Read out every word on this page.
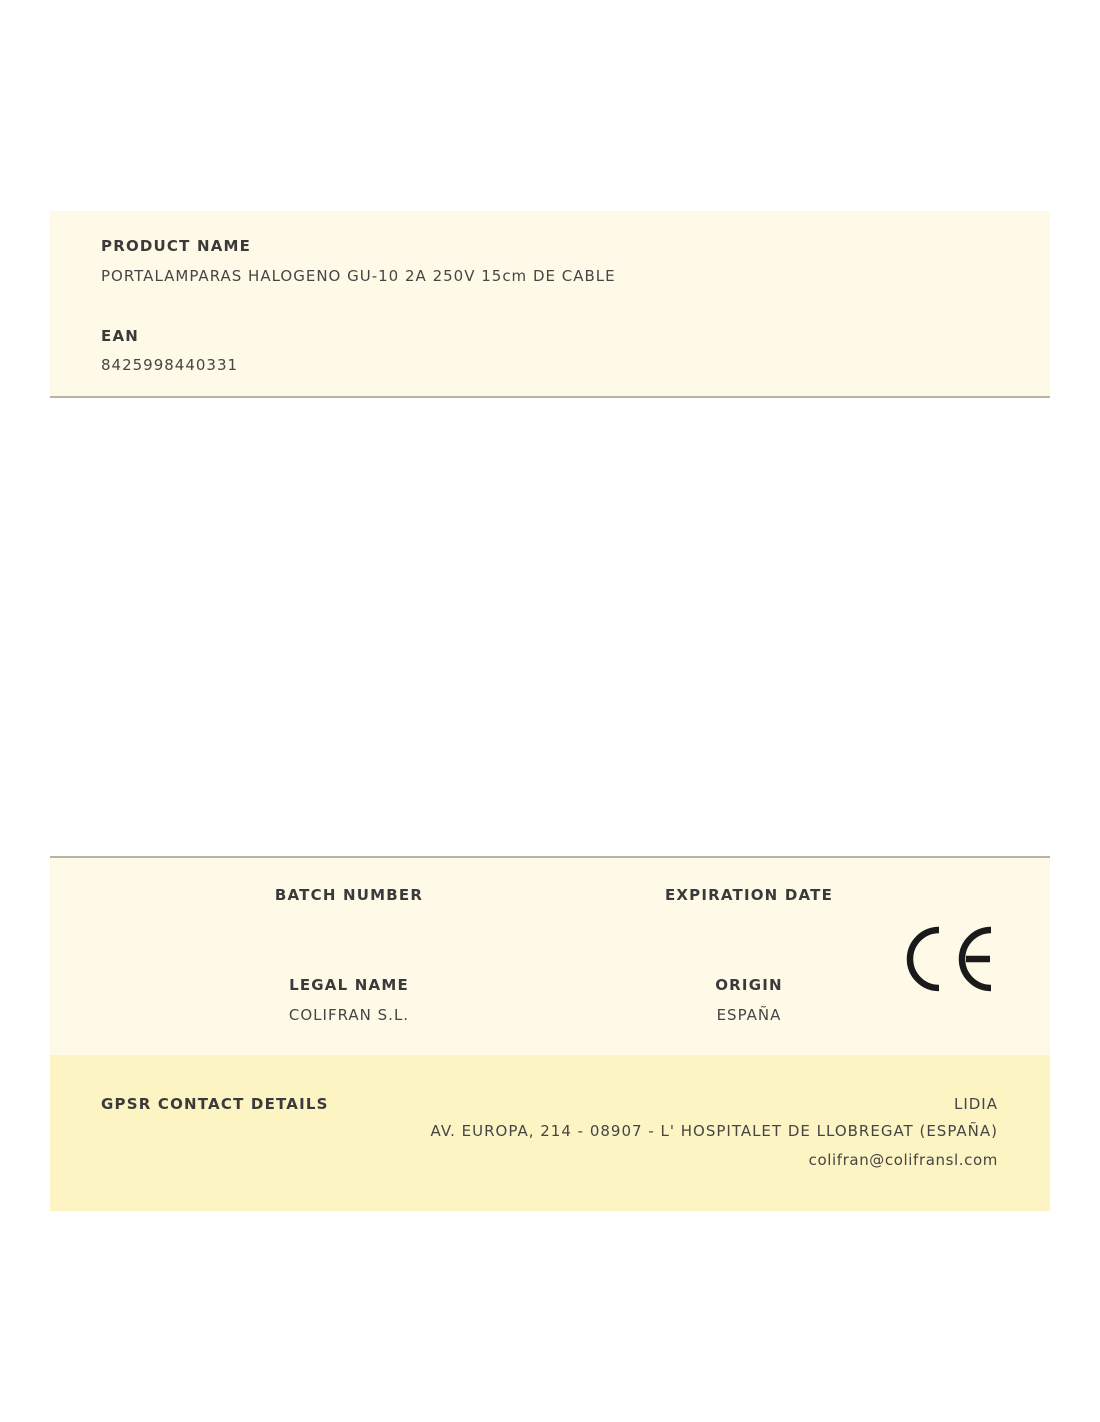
PRODUCT NAME
PORTALAMPARAS HALOGENO GU-10 2A 250V 15cm DE CABLE
EAN
8425998440331
BATCH NUMBER	EXPIRATION DATE
LEGAL NAME
COLIFRAN S.L.
ORIGIN
ESPAÑA
GPSR CONTACT DETAILS	LIDIA
AV. EUROPA, 214 - 08907 - L' HOSPITALET DE LLOBREGAT (ESPAÑA)
colifran@colifransl.com
